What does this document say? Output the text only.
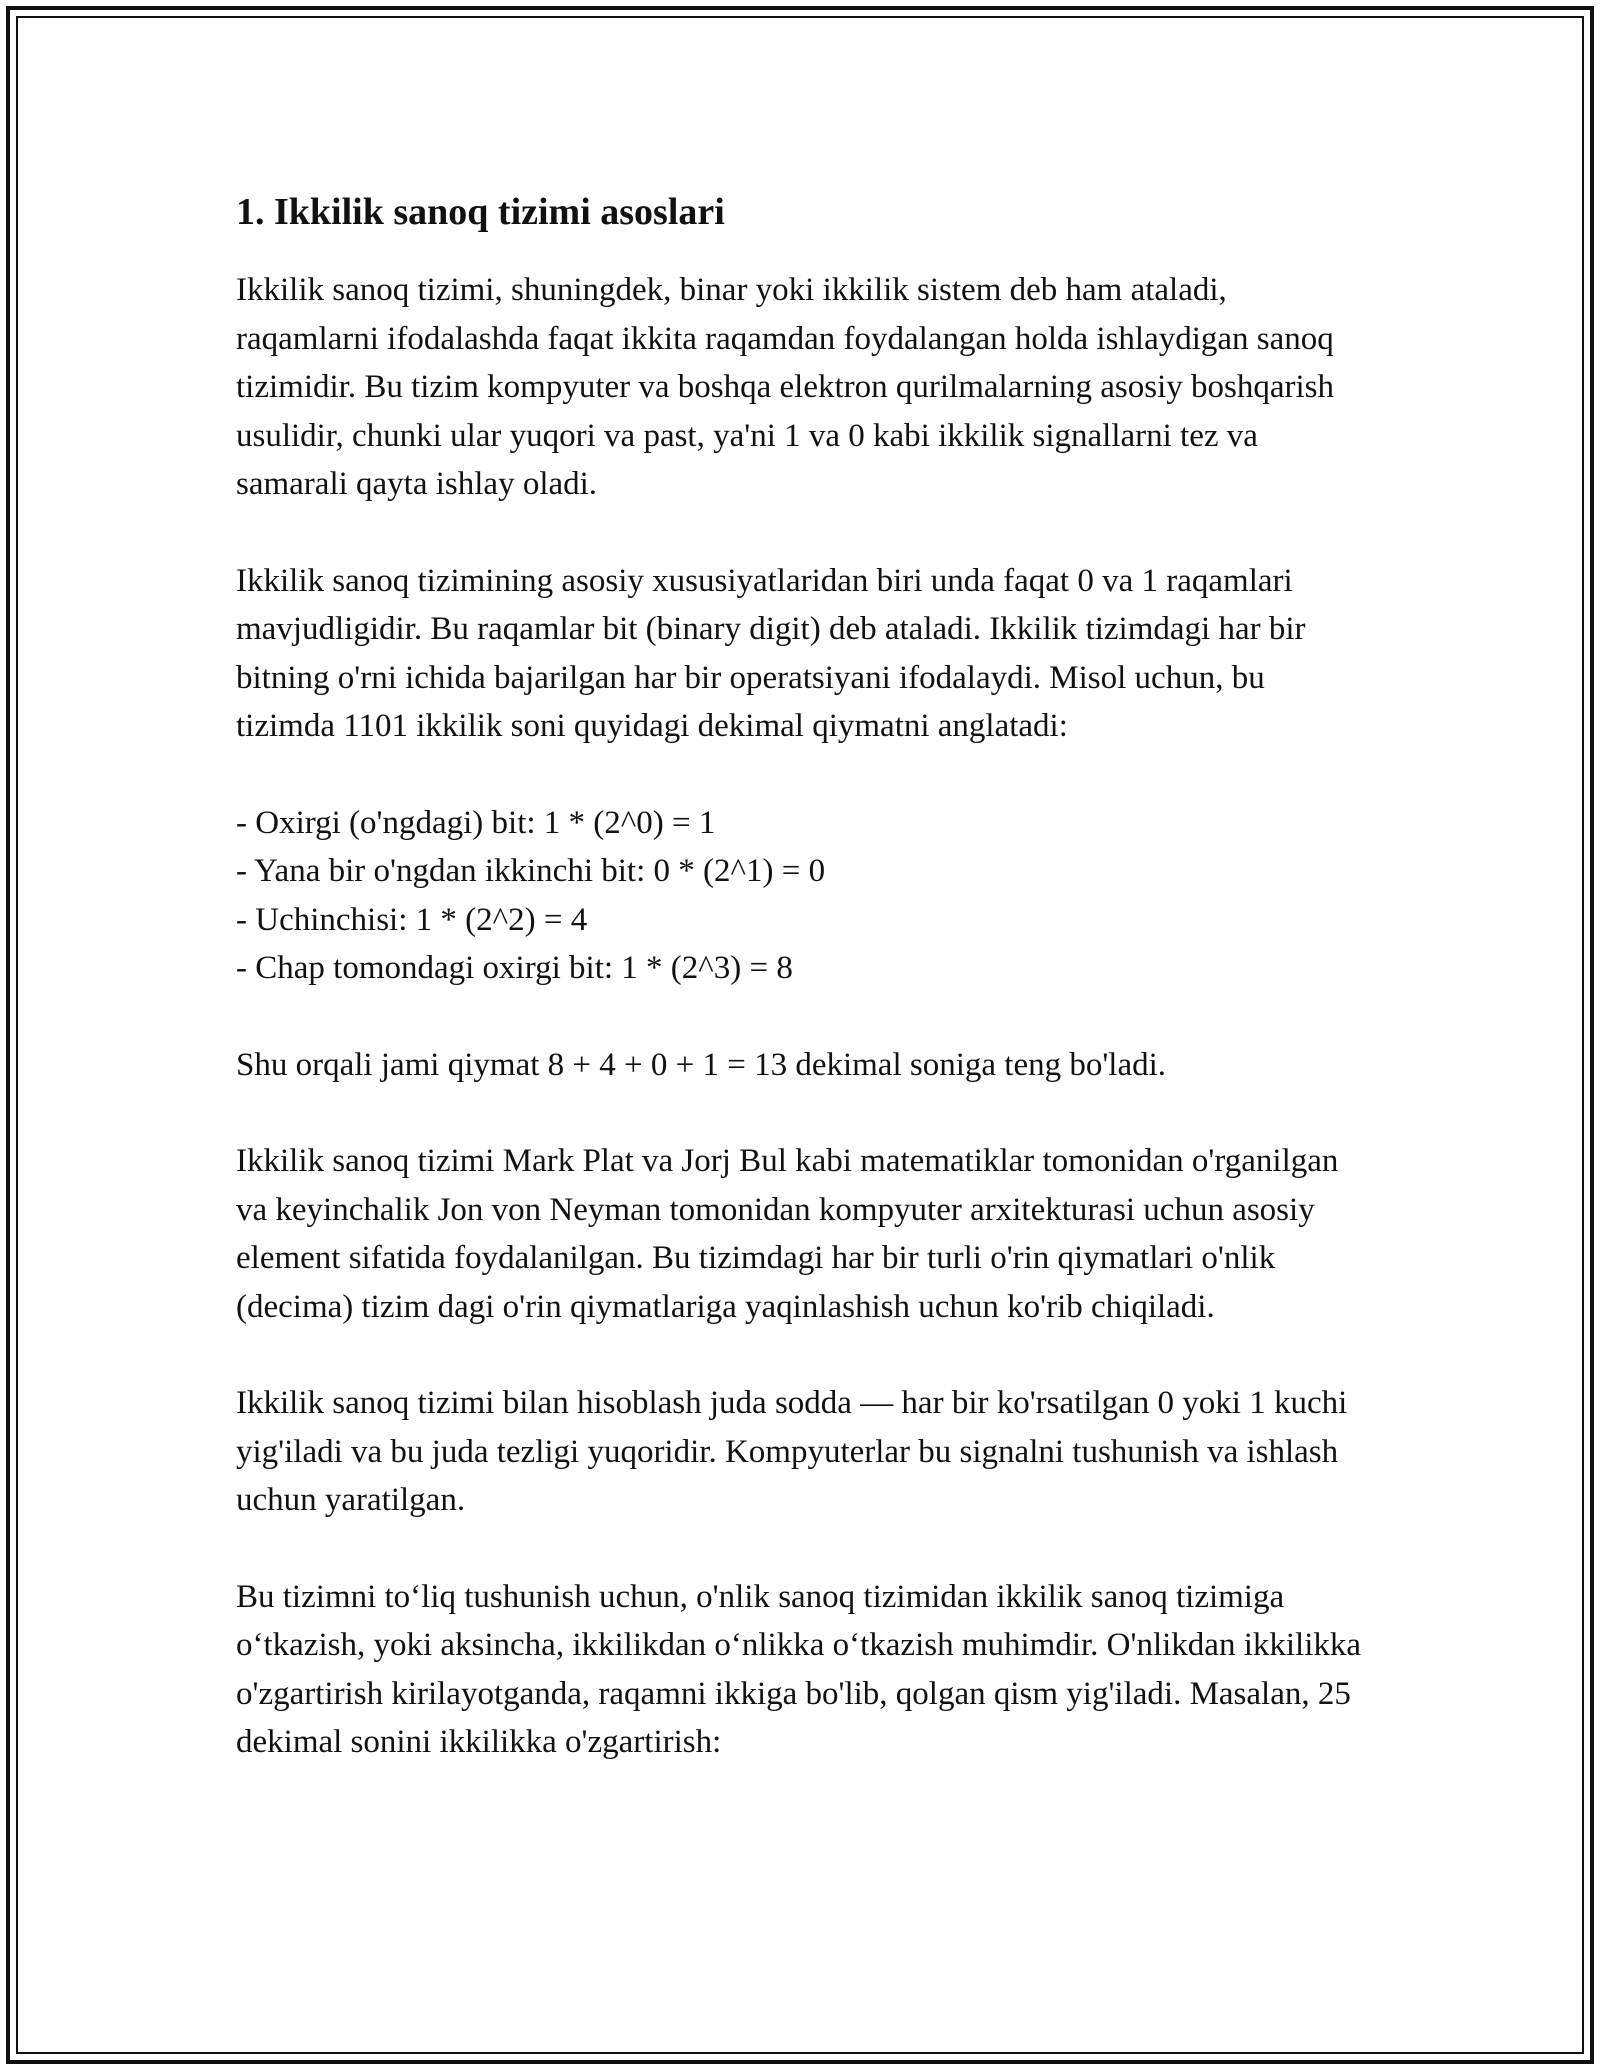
1. Ikkilik sanoq tizimi asoslari

Ikkilik sanoq tizimi, shuningdek, binar yoki ikkilik sistem deb ham ataladi, raqamlarni ifodalashda faqat ikkita raqamdan foydalangan holda ishlaydigan sanoq tizimidir. Bu tizim kompyuter va boshqa elektron qurilmalarning asosiy boshqarish usulidir, chunki ular yuqori va past, ya'ni 1 va 0 kabi ikkilik signallarni tez va samarali qayta ishlay oladi.

Ikkilik sanoq tizimining asosiy xususiyatlaridan biri unda faqat 0 va 1 raqamlari mavjudligidir. Bu raqamlar bit (binary digit) deb ataladi. Ikkilik tizimdagi har bir bitning o'rni ichida bajarilgan har bir operatsiyani ifodalaydi. Misol uchun, bu tizimda 1101 ikkilik soni quyidagi dekimal qiymatni anglatadi:

- Oxirgi (o'ngdagi) bit: 1 * (2^0) = 1
- Yana bir o'ngdan ikkinchi bit: 0 * (2^1) = 0
- Uchinchisi: 1 * (2^2) = 4
- Chap tomondagi oxirgi bit: 1 * (2^3) = 8

Shu orqali jami qiymat 8 + 4 + 0 + 1 = 13 dekimal soniga teng bo'ladi.

Ikkilik sanoq tizimi Mark Plat va Jorj Bul kabi matematiklar tomonidan o'rganilgan va keyinchalik Jon von Neyman tomonidan kompyuter arxitekturasi uchun asosiy element sifatida foydalanilgan. Bu tizimdagi har bir turli o'rin qiymatlari o'nlik (decima) tizim dagi o'rin qiymatlariga yaqinlashish uchun ko'rib chiqiladi.

Ikkilik sanoq tizimi bilan hisoblash juda sodda — har bir ko'rsatilgan 0 yoki 1 kuchi yig'iladi va bu juda tezligi yuqoridir. Kompyuterlar bu signalni tushunish va ishlash uchun yaratilgan.

Bu tizimni to‘liq tushunish uchun, o'nlik sanoq tizimidan ikkilik sanoq tizimiga o‘tkazish, yoki aksincha, ikkilikdan o‘nlikka o‘tkazish muhimdir. O'nlikdan ikkilikka o'zgartirish kirilayotganda, raqamni ikkiga bo'lib, qolgan qism yig'iladi. Masalan, 25 dekimal sonini ikkilikka o'zgartirish:
